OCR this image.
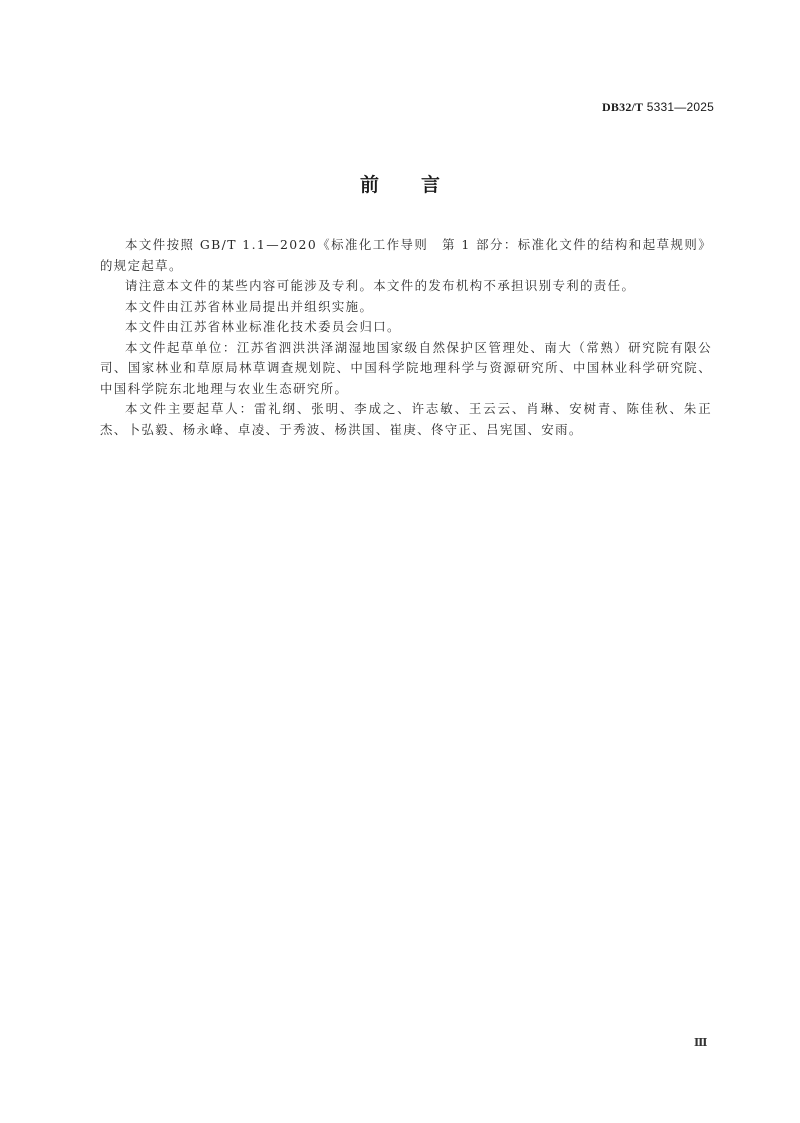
DB32/T 5331—2025
前言

本文件按照 GB/T 1.1—2020《标准化工作导则　第 1 部分：标准化文件的结构和起草规则》的规定起草。

请注意本文件的某些内容可能涉及专利。本文件的发布机构不承担识别专利的责任。

本文件由江苏省林业局提出并组织实施。

本文件由江苏省林业标准化技术委员会归口。

本文件起草单位：江苏省泗洪洪泽湖湿地国家级自然保护区管理处、南大（常熟）研究院有限公司、国家林业和草原局林草调查规划院、中国科学院地理科学与资源研究所、中国林业科学研究院、中国科学院东北地理与农业生态研究所。

本文件主要起草人：雷礼纲、张明、李成之、许志敏、王云云、肖琳、安树青、陈佳秋、朱正杰、卜弘毅、杨永峰、卓凌、于秀波、杨洪国、崔庚、佟守正、吕宪国、安雨。

Ⅲ
